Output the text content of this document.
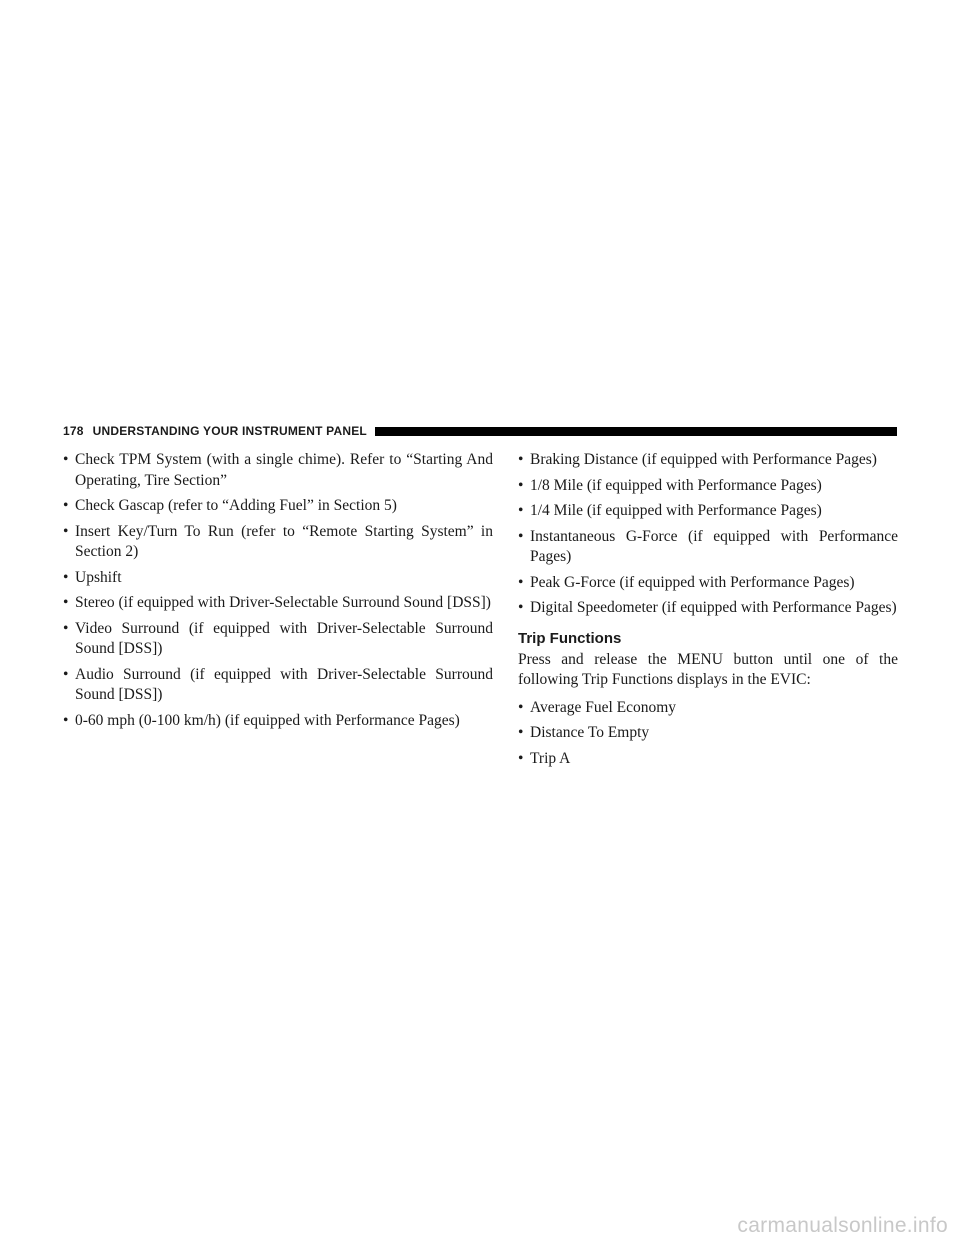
178 UNDERSTANDING YOUR INSTRUMENT PANEL
• Check TPM System (with a single chime). Refer to “Starting And Operating, Tire Section”
• Check Gascap (refer to “Adding Fuel” in Section 5)
• Insert Key/Turn To Run (refer to “Remote Starting System” in Section 2)
• Upshift
• Stereo (if equipped with Driver-Selectable Surround Sound [DSS])
• Video Surround (if equipped with Driver-Selectable Surround Sound [DSS])
• Audio Surround (if equipped with Driver-Selectable Surround Sound [DSS])
• 0-60 mph (0-100 km/h) (if equipped with Performance Pages)
• Braking Distance (if equipped with Performance Pages)
• 1/8 Mile (if equipped with Performance Pages)
• 1/4 Mile (if equipped with Performance Pages)
• Instantaneous G-Force (if equipped with Performance Pages)
• Peak G-Force (if equipped with Performance Pages)
• Digital Speedometer (if equipped with Performance Pages)
Trip Functions

Press and release the MENU button until one of the following Trip Functions displays in the EVIC:

• Average Fuel Economy
• Distance To Empty
• Trip A
carmanualsonline.info
